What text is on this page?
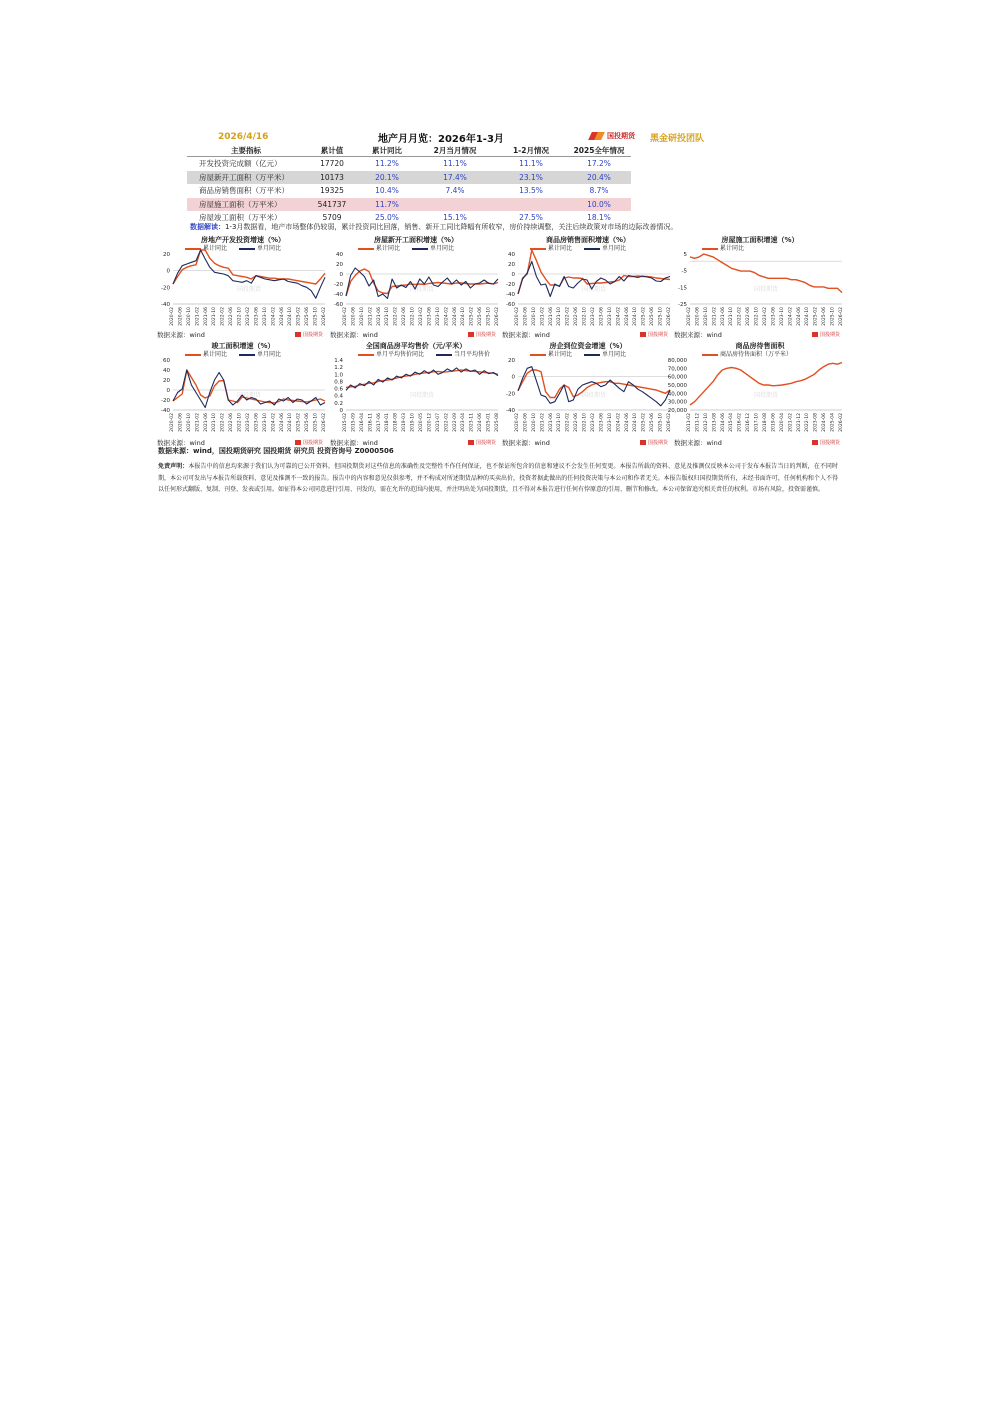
2026/4/16	地产月月览：2026年1-3月	国投期货 黑金研投团队
主要指标	累计值	累计同比	2月当月情况	1-2月情况	2025全年情况
开发投资完成额（亿元）	17720	11.2%	11.1%	11.1%	17.2%
房屋新开工面积（万平米）	10173	20.1%	17.4%	23.1%	20.4%
商品房销售面积（万平米）	19325	10.4%	7.4%	13.5%	8.7%
房屋施工面积（万平米）	541737	11.7%			10.0%
房屋竣工面积（万平米）	5709	25.0%	15.1%	27.5%	18.1%
数据解读：1-3月数据看，地产市场整体仍较弱，累计投资同比回落，销售、新开工同比降幅有所收窄，房价持续调整，关注后续政策对市场的边际改善情况。
房地产开发投资增速（%）
累计同比	单月同比
20
0
-20
-40
2020-02 2020-06 2020-10 2021-02 2021-06 2021-10 2022-02 2022-06 2022-10 2023-02 2023-06 2023-10 2024-02 2024-06 2024-10 2025-02 2025-06 2025-10 2026-02
国投期货
数据来源：wind	国投期货
房屋新开工面积增速（%）
累计同比	单月同比
40
20
0
-20
-40
-60
2020-02 2020-06 2020-10 2021-02 2021-06 2021-10 2022-02 2022-06 2022-10 2023-02 2023-06 2023-10 2024-02 2024-06 2024-10 2025-02 2025-06 2025-10 2026-02
国投期货
数据来源：wind	国投期货
商品房销售面积增速（%）
累计同比	单月同比
40
20
0
-20
-40
-60
2020-02 2020-06 2020-10 2021-02 2021-06 2021-10 2022-02 2022-06 2022-10 2023-02 2023-06 2023-10 2024-02 2024-06 2024-10 2025-02 2025-06 2025-10 2026-02
国投期货
数据来源：wind	国投期货
房屋施工面积增速（%）
累计同比
5
-5
-15
-25
2020-02 2020-06 2020-10 2021-02 2021-06 2021-10 2022-02 2022-06 2022-10 2023-02 2023-06 2023-10 2024-02 2024-06 2024-10 2025-02 2025-06 2025-10 2026-02
国投期货
数据来源：wind	国投期货
竣工面积增速（%）
累计同比	单月同比
60
40
20
0
-20
-40
2020-02 2020-06 2020-10 2021-02 2021-06 2021-10 2022-02 2022-06 2022-10 2023-02 2023-06 2023-10 2024-02 2024-06 2024-10 2025-02 2025-06 2025-10 2026-02
国投期货
数据来源：wind	国投期货
全国商品房平均售价（元/平米）
单月平均售价同比	当月平均售价
1.4
1.2
1.0
0.8
0.6
0.4
0.2
0
2015-02 2015-09 2016-04 2016-11 2017-06 2018-01 2018-08 2019-03 2019-10 2020-05 2020-12 2021-07 2022-02 2022-09 2023-04 2023-11 2024-06 2025-01 2025-08
国投期货
数据来源：wind	国投期货
房企到位资金增速（%）
累计同比	单月同比
20
0
-20
-40
2020-02 2020-06 2020-10 2021-02 2021-06 2021-10 2022-02 2022-06 2022-10 2023-02 2023-06 2023-10 2024-02 2024-06 2024-10 2025-02 2025-06 2025-10 2026-02
国投期货
数据来源：wind	国投期货
商品房待售面积
商品房待售面积（万平米）
80,000
70,000
60,000
50,000
40,000
30,000
20,000
2011-02 2011-12 2012-10 2013-08 2014-06 2015-04 2016-02 2016-12 2017-10 2018-08 2019-06 2020-04 2021-02 2021-12 2022-10 2023-08 2024-06 2025-04 2026-02
国投期货
数据来源：wind	国投期货
数据来源：wind，国投期货研究 国投期货 研究员 投资咨询号 Z0000506
免责声明：本报告中的信息均来源于我们认为可靠的已公开资料，但国投期货对这些信息的准确性及完整性不作任何保证，也不保证所包含的信息和建议不会发生任何变更。本报告所载的资料、意见及推测仅反映本公司于发布本报告当日的判断，在不同时期，本公司可发出与本报告所载资料、意见及推测不一致的报告。报告中的内容和意见仅供参考，并不构成对所述期货品种的买卖出价，投资者据此做出的任何投资决策与本公司和作者无关。本报告版权归国投期货所有，未经书面许可，任何机构和个人不得以任何形式翻版、复制、刊登、发表或引用。如征得本公司同意进行引用、刊发的，需在允许的范围内使用，并注明出处为国投期货，且不得对本报告进行任何有悖原意的引用、删节和修改。本公司保留追究相关责任的权利。市场有风险，投资需谨慎。
